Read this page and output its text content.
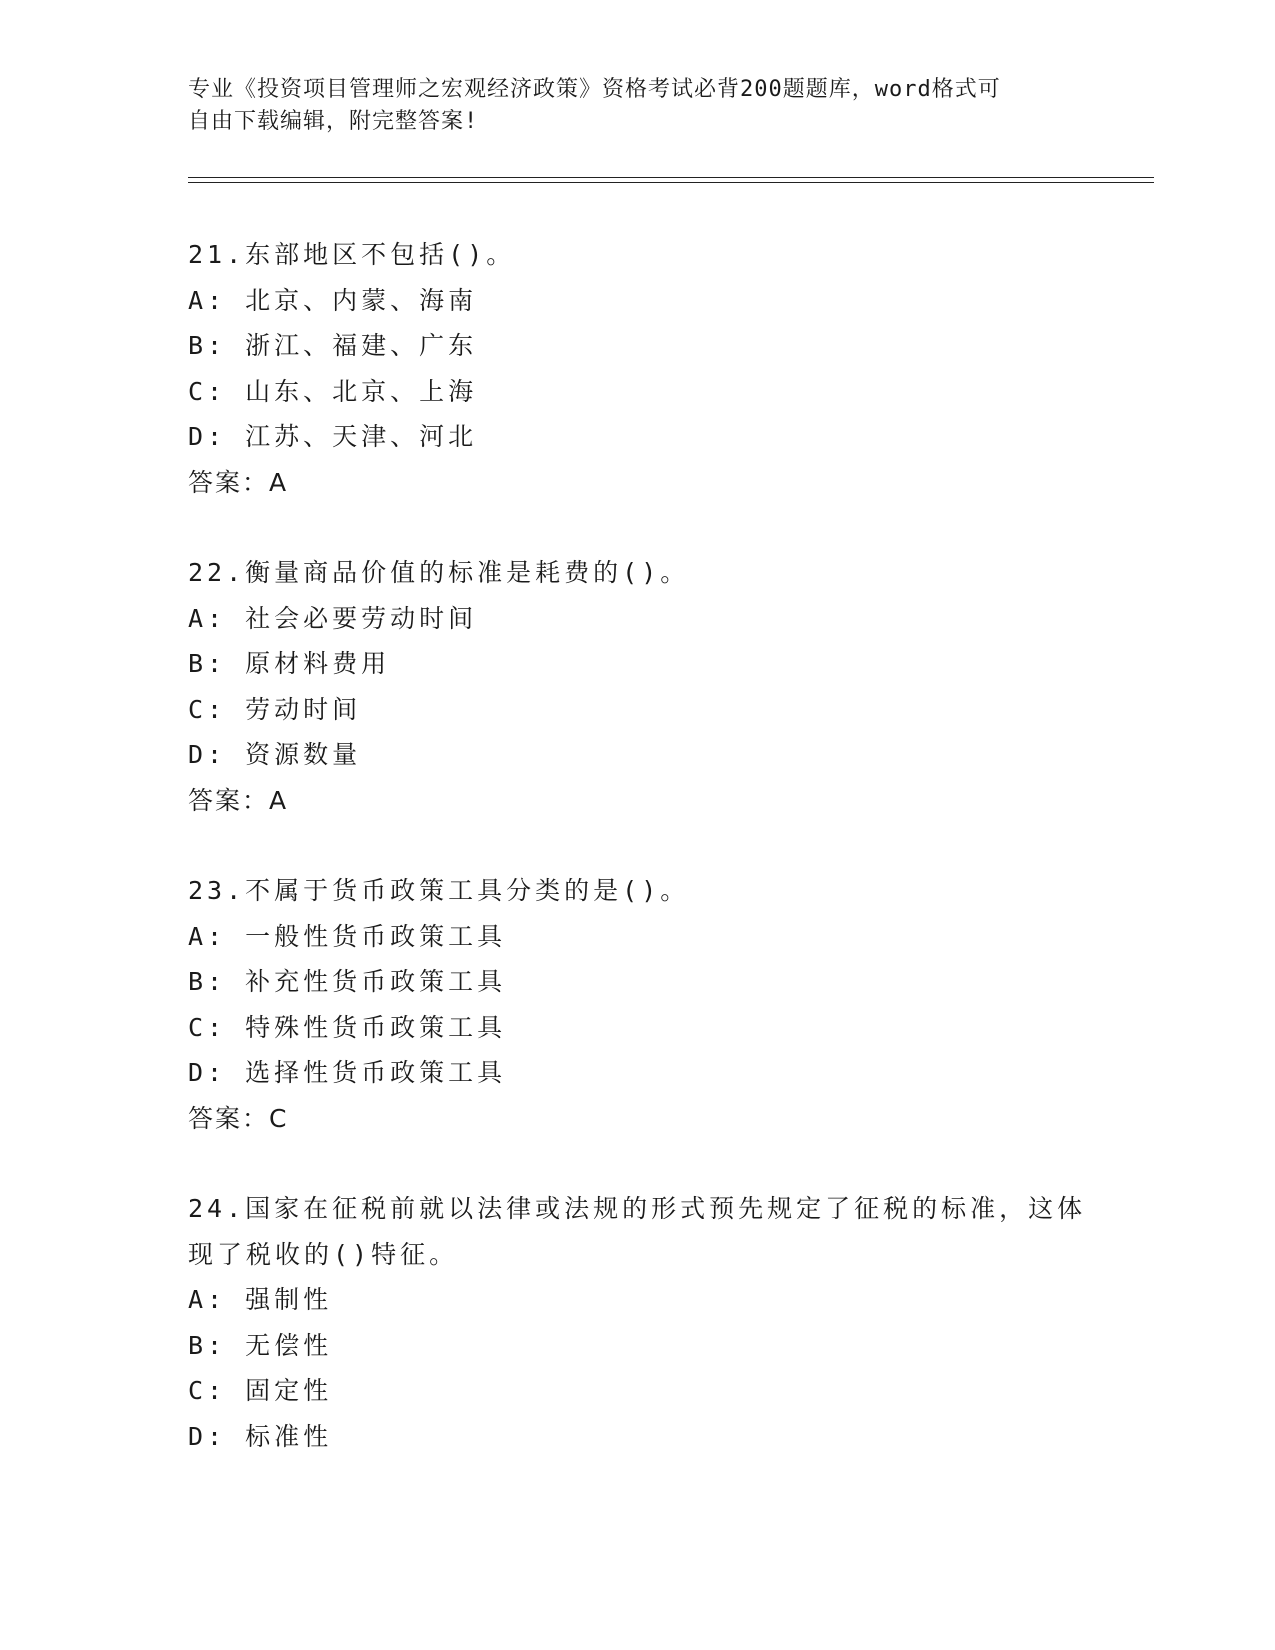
专业《投资项目管理师之宏观经济政策》资格考试必背200题题库，word格式可
自由下载编辑，附完整答案!
21.东部地区不包括()。
A: 北京、内蒙、海南
B: 浙江、福建、广东
C: 山东、北京、上海
D: 江苏、天津、河北
答案：A
22.衡量商品价值的标准是耗费的()。
A: 社会必要劳动时间
B: 原材料费用
C: 劳动时间
D: 资源数量
答案：A
23.不属于货币政策工具分类的是()。
A: 一般性货币政策工具
B: 补充性货币政策工具
C: 特殊性货币政策工具
D: 选择性货币政策工具
答案：C
24.国家在征税前就以法律或法规的形式预先规定了征税的标准，这体
现了税收的()特征。
A: 强制性
B: 无偿性
C: 固定性
D: 标准性
